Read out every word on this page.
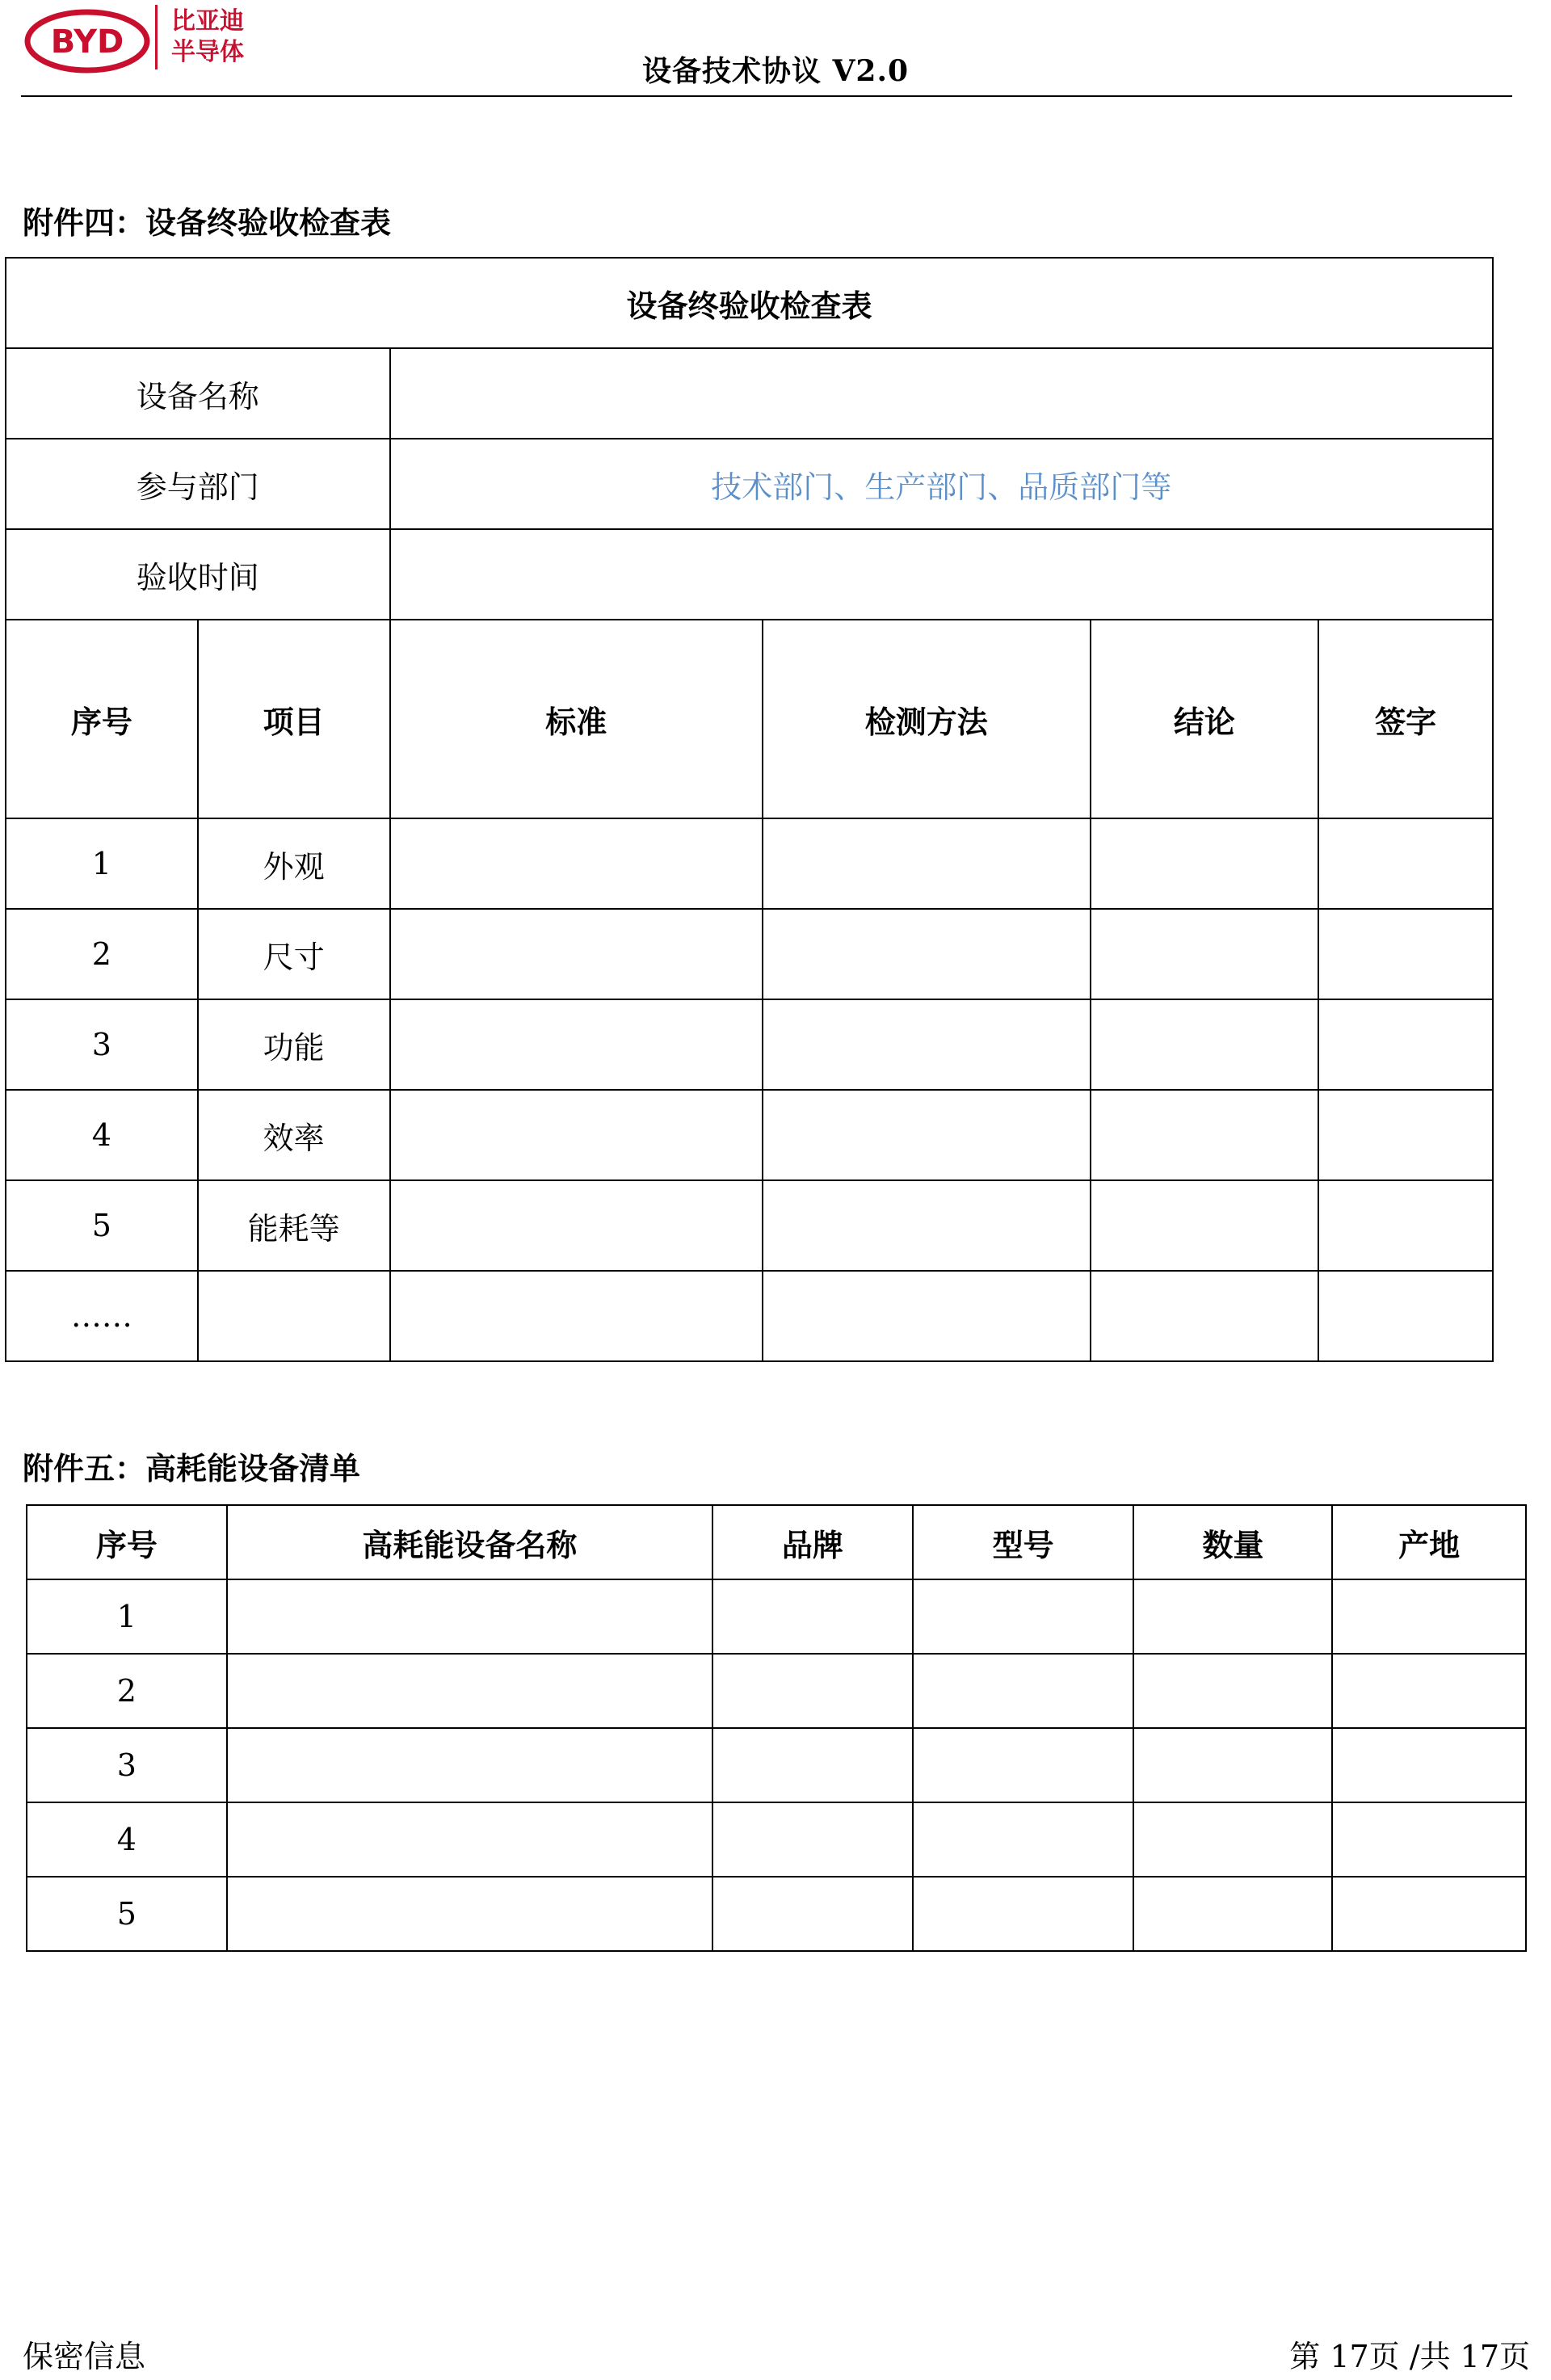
BYD
比亚迪
半导体
设备技术协议 V2.0
附件四：设备终验收检查表
设备终验收检查表					
设备名称					
参与部门		技术部门、生产部门、品质部门等			
验收时间					
序号	项目	标准	检测方法	结论	签字
1	外观				
2	尺寸				
3	功能				
4	效率				
5	能耗等				
……					
附件五：高耗能设备清单
序号	高耗能设备名称	品牌	型号	数量	产地
1					
2					
3					
4					
5					
保密信息	第 17页 /共 17页
